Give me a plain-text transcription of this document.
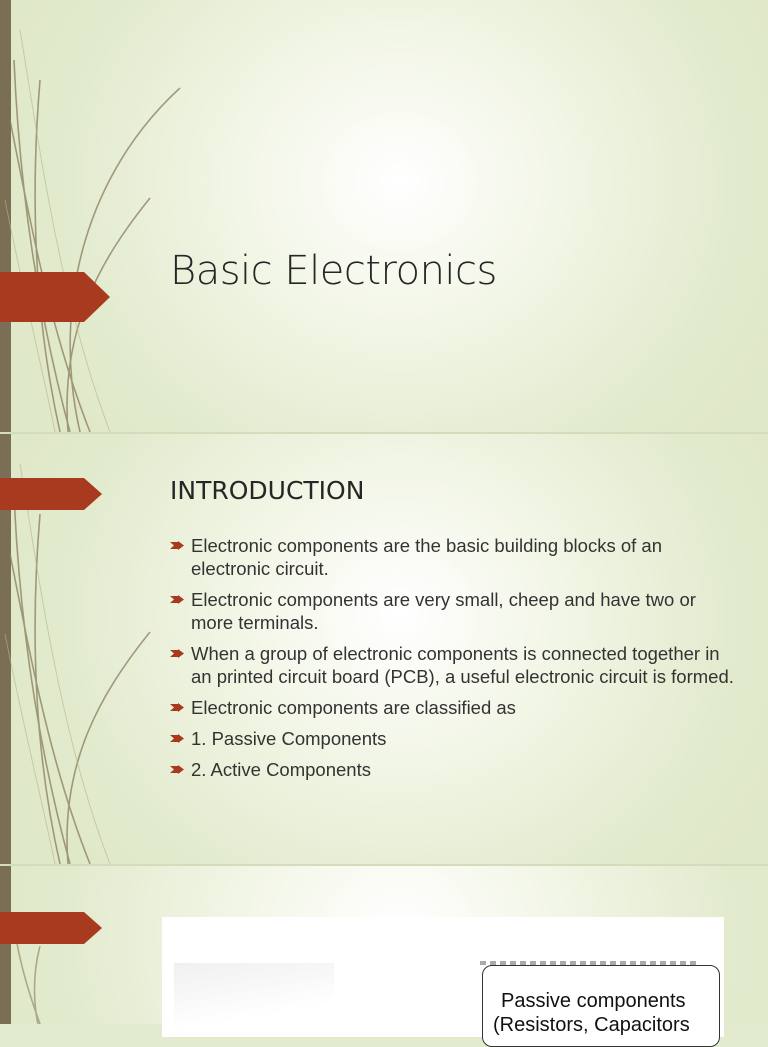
Basic Electronics
INTRODUCTION
Electronic components are the basic building blocks of an electronic circuit.
Electronic components are very small, cheep and have two or more terminals.
When a group of electronic components is connected together in an printed circuit board (PCB), a useful electronic circuit is formed.
Electronic components are classified as
1. Passive Components
2. Active Components
Passive components
(Resistors, Capacitors
